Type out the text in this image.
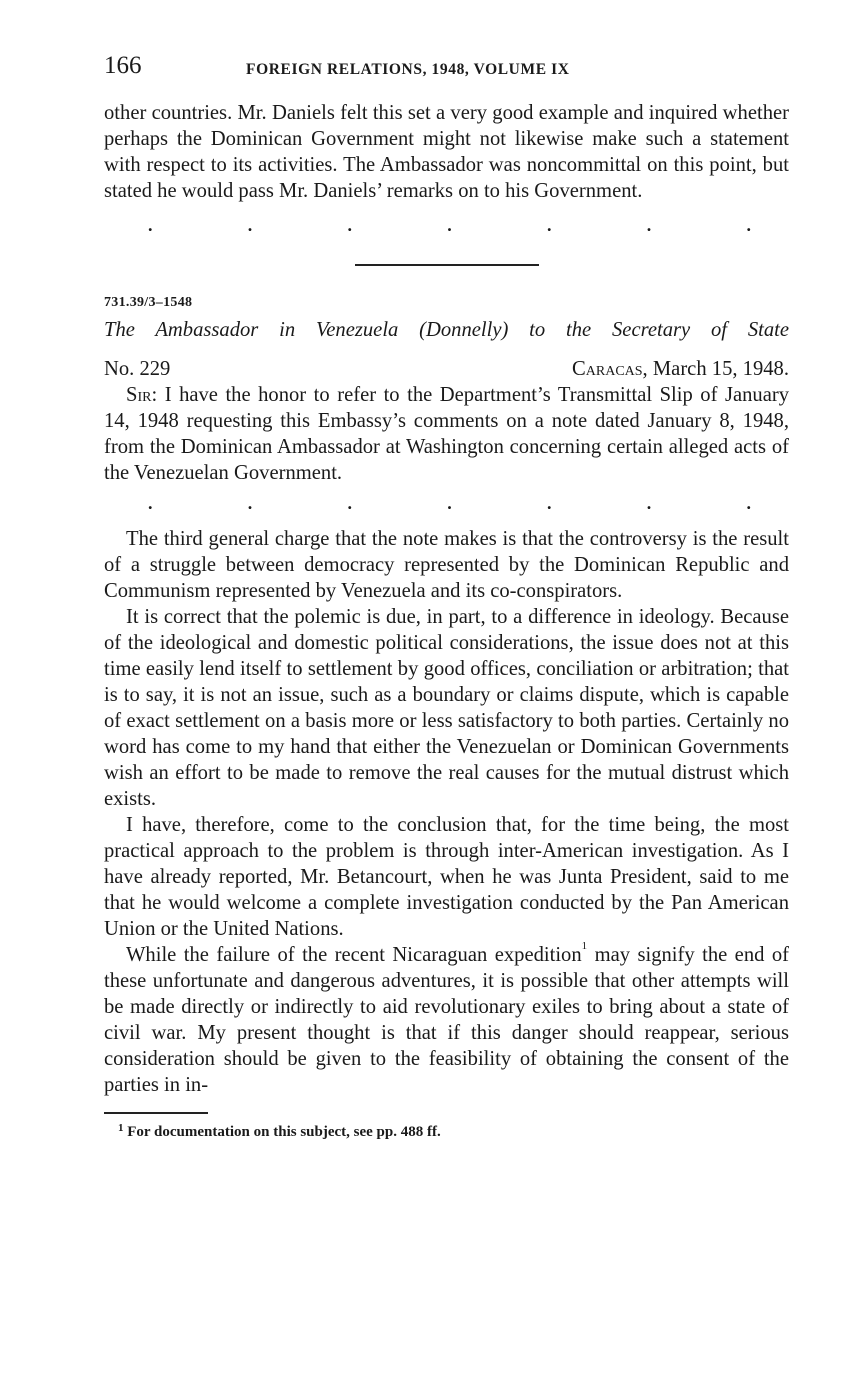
166	FOREIGN RELATIONS, 1948, VOLUME IX

other countries. Mr. Daniels felt this set a very good example and inquired whether perhaps the Dominican Government might not likewise make such a statement with respect to its activities. The Ambassador was noncommittal on this point, but stated he would pass Mr. Daniels’ remarks on to his Government.

.	.	.	.	.	.	.
731.39/3–1548
The Ambassador in Venezuela (Donnelly) to the Secretary of State
No. 229	Caracas, March 15, 1948.

Sir: I have the honor to refer to the Department’s Transmittal Slip of January 14, 1948 requesting this Embassy’s comments on a note dated January 8, 1948, from the Dominican Ambassador at Washington concerning certain alleged acts of the Venezuelan Government.

.	.	.	.	.	.	.

The third general charge that the note makes is that the controversy is the result of a struggle between democracy represented by the Dominican Republic and Communism represented by Venezuela and its co-conspirators.

It is correct that the polemic is due, in part, to a difference in ideology. Because of the ideological and domestic political considerations, the issue does not at this time easily lend itself to settlement by good offices, conciliation or arbitration; that is to say, it is not an issue, such as a boundary or claims dispute, which is capable of exact settlement on a basis more or less satisfactory to both parties. Certainly no word has come to my hand that either the Venezuelan or Dominican Governments wish an effort to be made to remove the real causes for the mutual distrust which exists.

I have, therefore, come to the conclusion that, for the time being, the most practical approach to the problem is through inter-American investigation. As I have already reported, Mr. Betancourt, when he was Junta President, said to me that he would welcome a complete investigation conducted by the Pan American Union or the United Nations.

While the failure of the recent Nicaraguan expedition$^1$ may signify the end of these unfortunate and dangerous adventures, it is possible that other attempts will be made directly or indirectly to aid revolutionary exiles to bring about a state of civil war. My present thought is that if this danger should reappear, serious consideration should be given to the feasibility of obtaining the consent of the parties in in-

$^1$ For documentation on this subject, see pp. 488 ff.
